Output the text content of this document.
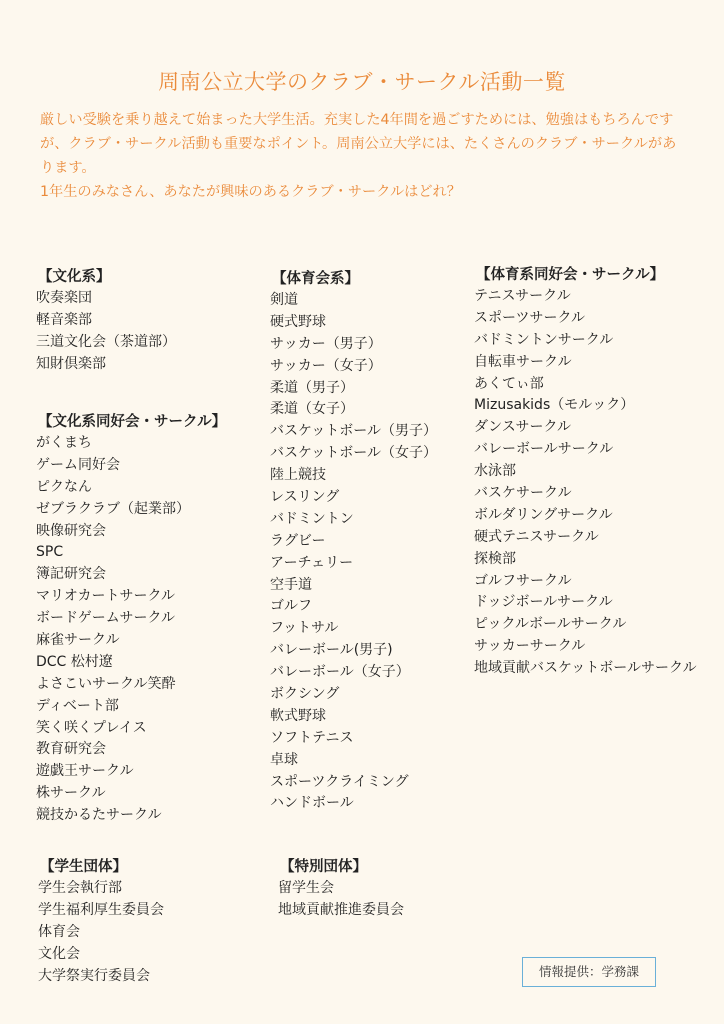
周南公立大学のクラブ・サークル活動一覧

厳しい受験を乗り越えて始まった大学生活。充実した4年間を過ごすためには、勉強はもちろんですが、クラブ・サークル活動も重要なポイント。周南公立大学には、たくさんのクラブ・サークルがあります。

1年生のみなさん、あなたが興味のあるクラブ・サークルはどれ？

【文化系】
吹奏楽団
軽音楽部
三道文化会（茶道部）
知財倶楽部
【文化系同好会・サークル】
がくまち
ゲーム同好会
ピクなん
ゼブラクラブ（起業部）
映像研究会
SPC
簿記研究会
マリオカートサークル
ボードゲームサークル
麻雀サークル
DCC 松村遼
よさこいサークル笑酔
ディベート部
笑く咲くプレイス
教育研究会
遊戯王サークル
株サークル
競技かるたサークル
【体育会系】
剣道
硬式野球
サッカー（男子）
サッカー（女子）
柔道（男子）
柔道（女子）
バスケットボール（男子）
バスケットボール（女子）
陸上競技
レスリング
バドミントン
ラグビー
アーチェリー
空手道
ゴルフ
フットサル
バレーボール(男子)
バレーボール（女子）
ボクシング
軟式野球
ソフトテニス
卓球
スポーツクライミング
ハンドボール
【体育系同好会・サークル】
テニスサークル
スポーツサークル
バドミントンサークル
自転車サークル
あくてぃ部
Mizusakids（モルック）
ダンスサークル
バレーボールサークル
水泳部
バスケサークル
ボルダリングサークル
硬式テニスサークル
探検部
ゴルフサークル
ドッジボールサークル
ピックルボールサークル
サッカーサークル
地域貢献バスケットボールサークル
【学生団体】
学生会執行部
学生福利厚生委員会
体育会
文化会
大学祭実行委員会
【特別団体】
留学生会
地域貢献推進委員会
情報提供：学務課
